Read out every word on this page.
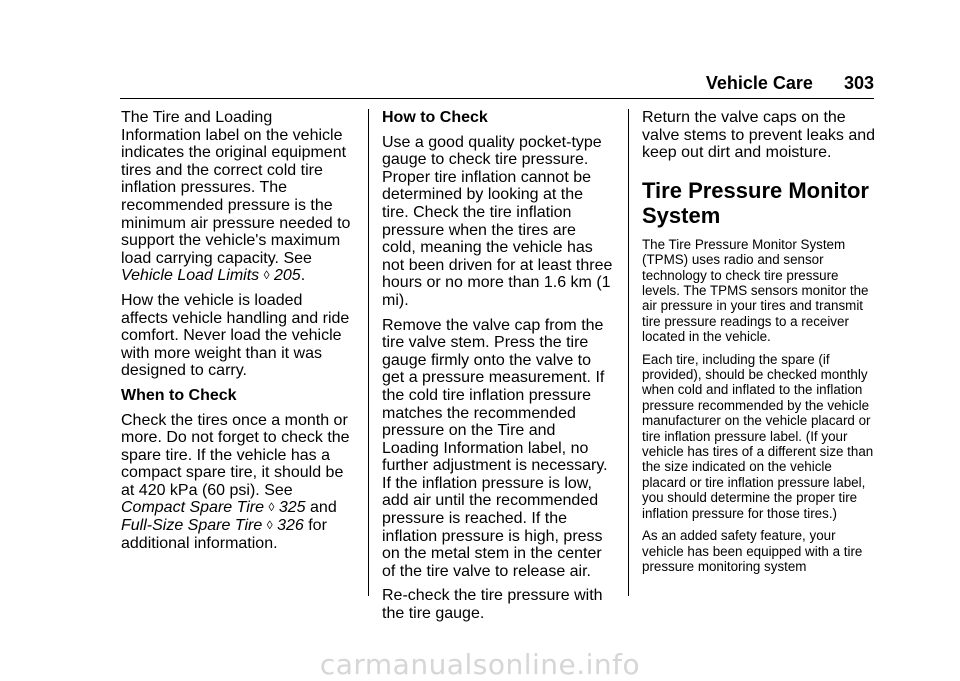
Vehicle Care 303

The Tire and Loading Information label on the vehicle indicates the original equipment tires and the correct cold tire inflation pressures. The recommended pressure is the minimum air pressure needed to support the vehicle's maximum load carrying capacity. See Vehicle Load Limits ◊ 205.

How the vehicle is loaded affects vehicle handling and ride comfort. Never load the vehicle with more weight than it was designed to carry.

When to Check

Check the tires once a month or more. Do not forget to check the spare tire. If the vehicle has a compact spare tire, it should be at 420 kPa (60 psi). See
Compact Spare Tire ◊ 325 and
Full-Size Spare Tire ◊ 326 for additional information.

How to Check

Use a good quality pocket-type gauge to check tire pressure. Proper tire inflation cannot be determined by looking at the tire. Check the tire inflation pressure when the tires are cold, meaning the vehicle has not been driven for at least three hours or no more than 1.6 km (1 mi).

Remove the valve cap from the tire valve stem. Press the tire gauge firmly onto the valve to get a pressure measurement. If the cold tire inflation pressure matches the recommended pressure on the Tire and Loading Information label, no further adjustment is necessary. If the inflation pressure is low, add air until the recommended pressure is reached. If the inflation pressure is high, press on the metal stem in the center of the tire valve to release air.

Re-check the tire pressure with the tire gauge.

Return the valve caps on the valve stems to prevent leaks and keep out dirt and moisture.

Tire Pressure Monitor System

The Tire Pressure Monitor System (TPMS) uses radio and sensor technology to check tire pressure levels. The TPMS sensors monitor the air pressure in your tires and transmit tire pressure readings to a receiver located in the vehicle.

Each tire, including the spare (if provided), should be checked monthly when cold and inflated to the inflation pressure recommended by the vehicle manufacturer on the vehicle placard or tire inflation pressure label. (If your vehicle has tires of a different size than the size indicated on the vehicle placard or tire inflation pressure label, you should determine the proper tire inflation pressure for those tires.)

As an added safety feature, your vehicle has been equipped with a tire pressure monitoring system

carmanualsonline.info
